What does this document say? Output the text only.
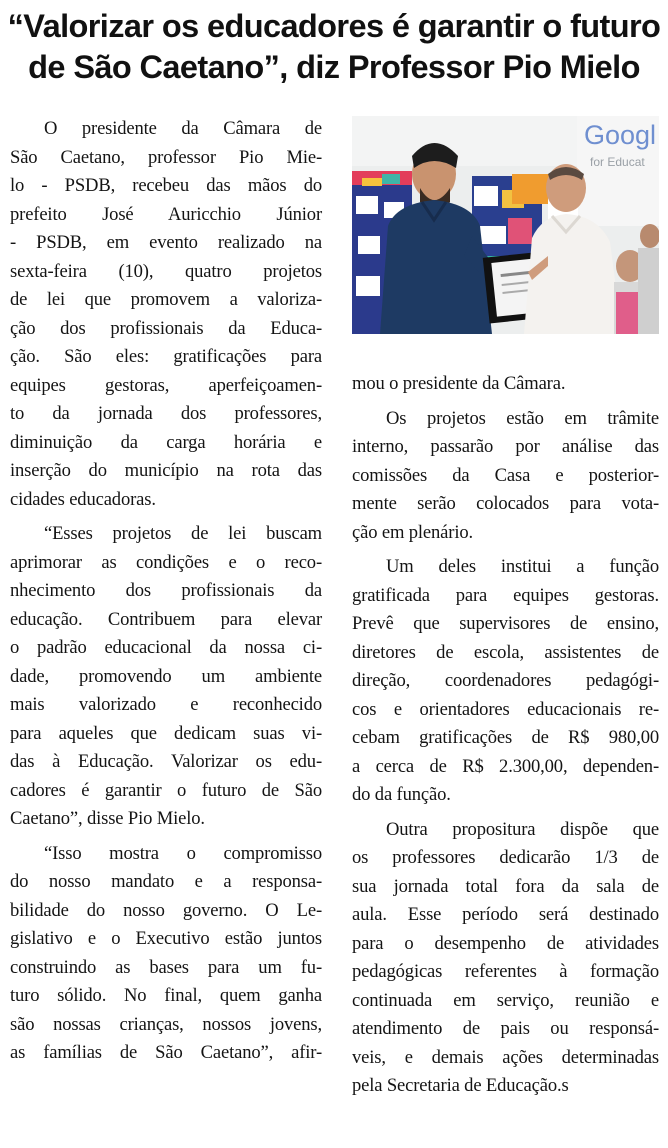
“Valorizar os educadores é garantir o futuro
de São Caetano”, diz Professor Pio Mielo
O presidente da Câmara de
São Caetano, professor Pio Mie-
lo - PSDB, recebeu das mãos do
prefeito José Auricchio Júnior
- PSDB, em evento realizado na
sexta-feira (10), quatro projetos
de lei que promovem a valoriza-
ção dos profissionais da Educa-
ção. São eles: gratificações para
equipes gestoras, aperfeiçoamen-
to da jornada dos professores,
diminuição da carga horária e
inserção do município na rota das
cidades educadoras.
“Esses projetos de lei buscam
aprimorar as condições e o reco-
nhecimento dos profissionais da
educação. Contribuem para elevar
o padrão educacional da nossa ci-
dade, promovendo um ambiente
mais valorizado e reconhecido
para aqueles que dedicam suas vi-
das à Educação. Valorizar os edu-
cadores é garantir o futuro de São
Caetano”, disse Pio Mielo.
“Isso mostra o compromisso
do nosso mandato e a responsa-
bilidade do nosso governo. O Le-
gislativo e o Executivo estão juntos
construindo as bases para um fu-
turo sólido. No final, quem ganha
são nossas crianças, nossos jovens,
as famílias de São Caetano”, afir-
Googl
for Educat
mou o presidente da Câmara.
Os projetos estão em trâmite
interno, passarão por análise das
comissões da Casa e posterior-
mente serão colocados para vota-
ção em plenário.
Um deles institui a função
gratificada para equipes gestoras.
Prevê que supervisores de ensino,
diretores de escola, assistentes de
direção, coordenadores pedagógi-
cos e orientadores educacionais re-
cebam gratificações de R$ 980,00
a cerca de R$ 2.300,00, dependen-
do da função.
Outra propositura dispõe que
os professores dedicarão 1/3 de
sua jornada total fora da sala de
aula. Esse período será destinado
para o desempenho de atividades
pedagógicas referentes à formação
continuada em serviço, reunião e
atendimento de pais ou responsá-
veis, e demais ações determinadas
pela Secretaria de Educação.s
